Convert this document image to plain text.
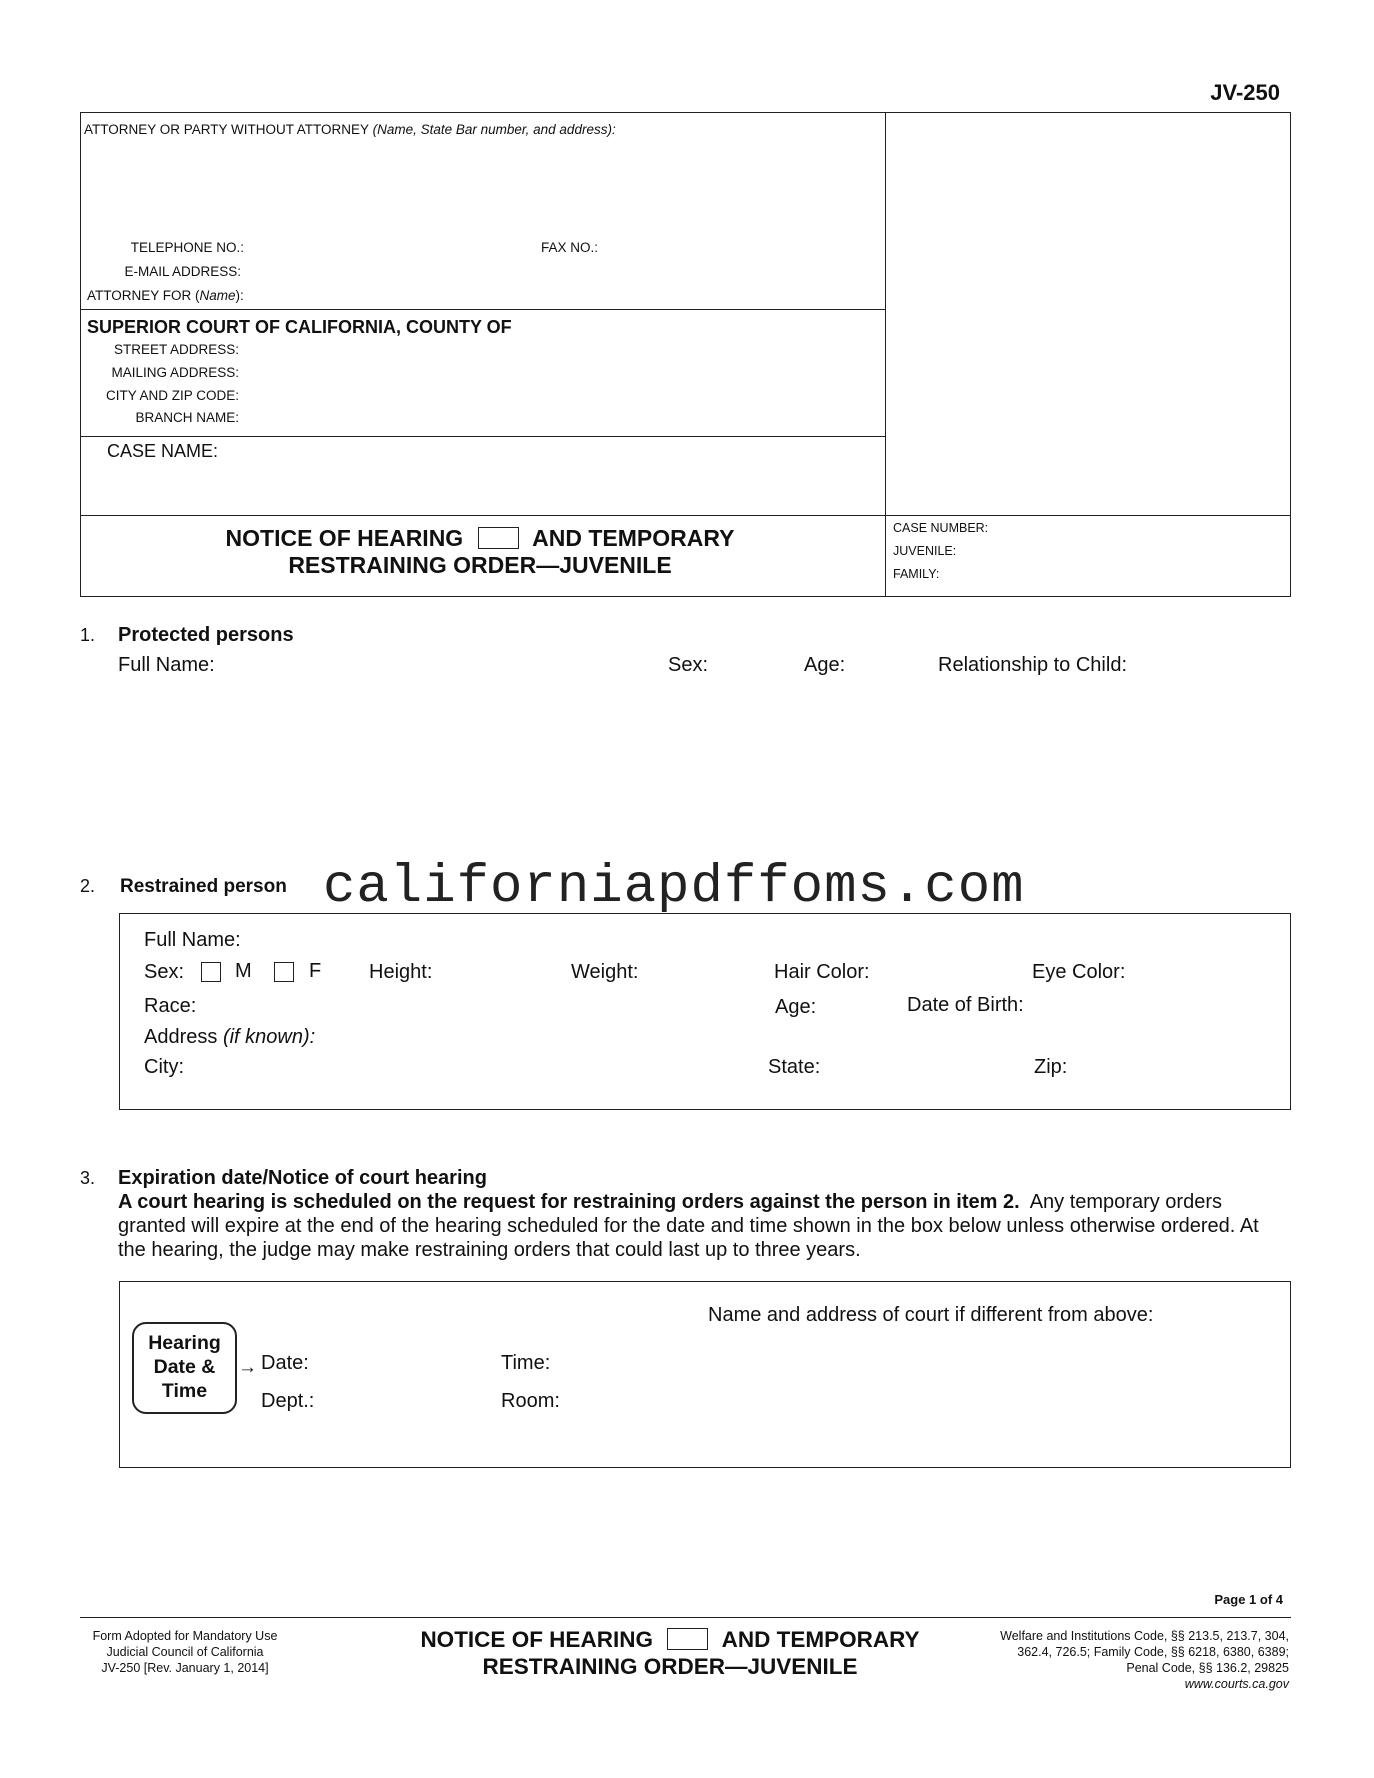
JV-250
ATTORNEY OR PARTY WITHOUT ATTORNEY (Name, State Bar number, and address):
TELEPHONE NO.:	FAX NO.:
E-MAIL ADDRESS:
ATTORNEY FOR (Name):
SUPERIOR COURT OF CALIFORNIA, COUNTY OF
STREET ADDRESS:
MAILING ADDRESS:
CITY AND ZIP CODE:
BRANCH NAME:
CASE NAME:
NOTICE OF HEARING	AND TEMPORARY
RESTRAINING ORDER—JUVENILE
CASE NUMBER:
JUVENILE:
FAMILY:
1. Protected persons
Full Name:	Sex:	Age:	Relationship to Child:
2. Restrained person californiapdffoms.com
Full Name:
Sex:	M	F Height:	Weight:	Hair Color:	Eye Color:
Race:	Age:	Date of Birth:
Address (if known):
City:	State:	Zip:
3. Expiration date/Notice of court hearing
A court hearing is scheduled on the request for restraining orders against the person in item 2. Any temporary orders
granted will expire at the end of the hearing scheduled for the date and time shown in the box below unless otherwise ordered. At
the hearing, the judge may make restraining orders that could last up to three years.
Hearing
Date &
Time
→ Date:	Time:
Dept.:	Room:
Name and address of court if different from above:
Page 1 of 4
Form Adopted for Mandatory Use
Judicial Council of California
JV-250 [Rev. January 1, 2014]
NOTICE OF HEARING	AND TEMPORARY
RESTRAINING ORDER—JUVENILE
Welfare and Institutions Code, §§ 213.5, 213.7, 304,
362.4, 726.5; Family Code, §§ 6218, 6380, 6389;
Penal Code, §§ 136.2, 29825
www.courts.ca.gov
